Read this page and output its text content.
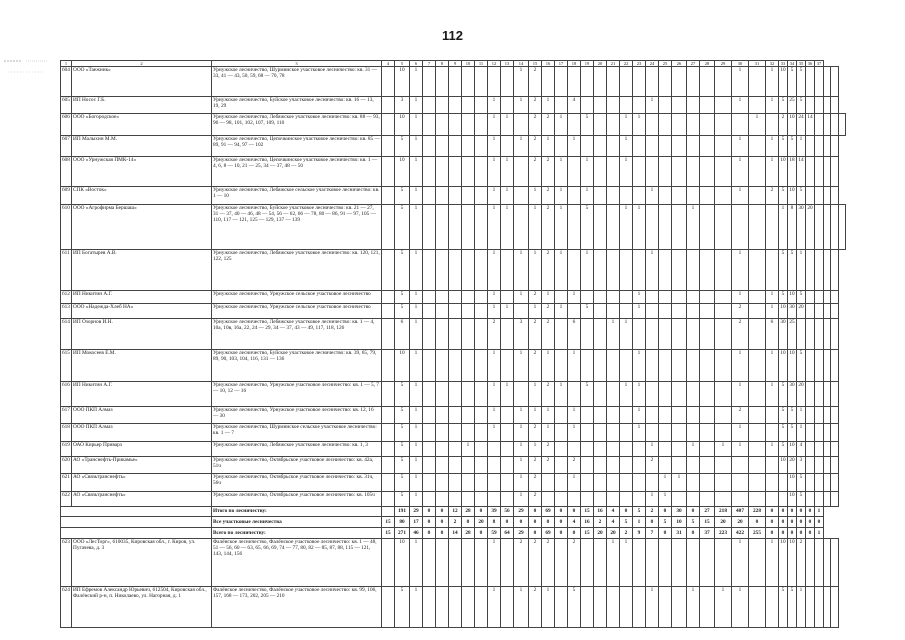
112
1	2	3	4	5	6	7	8	9	10	11	12	13	14	15	16	17	18	19	20	21	22	23	24	25	26	27	28	29	30	31	32	33	34	35	36	37			
604	ООО «Таежник»	Урнужское лесничество, Шурминское участковое лесничество: кв. 31 — 33, 41 — 43, 50, 59, 68 — 70, 78		10	1								1	2															1		1	10	5	5					
605	ИП Носос Г.Б.	Урнужское лесничество, Буйское участковое лесничество: кв. 16 — 13, 19, 29		3	1						1		1	2	1		4						1						1		1	5	25	5					
606	ООО «Богородское»	Урнужское лесничество, Лебяжское участковое лесничество: кв. 88 — 93, 96 — 98, 101, 102, 107, 109, 110		10	1						1	1		2	2	1		5			1	1								1		2	10	24	14				
607	ИП Малыхин М.М.	Урнужское лесничество, Цепочкинское участковое лесничество: кв. 85 — 89, 91 — 94, 97 — 102		5	1						1		1	2	1		1				1								1		1	5	5	1					
608	ООО «Урнужская ПМК-14»	Урнужское лесничество, Цепочкинское участковое лесничество: кв. 1 — 4, 6, 8 — 10, 21 — 25, 34 — 37, 48 — 50		10	1						1	1		2	2	1		1			1								1		1	10	18	14					
609	СПК «Восток»	Урнужское лесничество, Лебяжское сельское участковое лесничество: кв. 1 — 10		5	1						1	1		1	2	1		1					1						1		2	5	10	5					
610	ООО «Агрофирма Бершаш»	Урнужское лесничество, Буйское участковое лесничество: кв. 21 — 27, 31 — 37, 40 — 46, 48 — 54, 56 — 62, 66 — 78, 80 — 86, 91 — 97, 105 — 110, 117 — 121, 125 — 129, 137 — 139		5	1						1	1		1	2	1		5			1	1				1						1	8	30	20				
611	ИП Богатырев А.В.	Урнужское лесничество, Лебяжское участковое лесничество: кв. 120, 121, 122, 125		5	1						1		1	1	2	1		1					1						1			5	5	1					
612	ИП Никитин А.Г.	Урнужское лесничество, Урнужское сельское участковое лесничество		5	1						1		1	2	1		1					1							1		1	5	10	5					
613	ООО «Надежда-Хлеб НА»	Урнужское лесничество, Урнужское сельское участковое лесничество		5	1						1	1		1	2	1		5				1							2		1	10	30	20					
614	ИП Озорнов И.Н.	Урнужское лесничество, Лебяжское участковое лесничество: кв. 1 — 4, 10а, 10в, 16а, 22, 24 — 29, 34 — 37, 43 — 49, 117, 118, 126		6	1						2		3	2	2		6			1	1								2		6	30	25						
615	ИП Мокосеев Е.М.	Урнужское лесничество, Буйское участковое лесничество: кв. 39, 65, 79, 89, 90, 103, 104, 116, 131 — 136		10	1						1		1	2	1		1					1							1		1	10	10	5					
616	ИП Никитин А.Г.	Урнужское лесничество, Урнужское участковое лесничество: кв. 1 — 5, 7 — 10, 12 — 16		5	1						1	1		1	2	1		5			1	1							1		1	5	30	20					
617	ООО ПКП Алмаз	Урнужское лесничество, Урнужское участковое лесничество: кв. 12, 16 — 30		5	1						1		1	1	1		1					1							2			5	5	1					
618	ООО ПКП Алмаз	Урнужское лесничество, Шурминское сельское участковое лесничество: кв. 1 — 7		5	1						1		1	2	1		1					1							1			5	5	1					
619	ОАО Кирьер Приварз	Урнужское лесничество, Лебяжское участковое лесничество: кв. 1, 3		5	1				1				1	1	2								1			1		1	1		1	5	10	4					
620	АО «Транснефть-Прикамье»	Урнужское лесничество, Октябрьское участковое лесничество: кв. 42а, 51ч		5	1								1	2	2		2						2									10	20	3					
621	АО «Связьтранснефть»	Урнужское лесничество, Октябрьское участковое лесничество: кв. 31ч, 56ч		5	1								1	2			1							1	1								10	5					
622	АО «Связьтранснефть»	Урнужское лесничество, Октябрьское участковое лесничество: кв. 105ч		5	1								1	2									1	1									10	5					
		Итого по лесничеству:		191	29	0	0	12	28	0	39	56	29	0	69	0	0	15	16	4	0	5	2	0	30	0	27	218	407	228	0	0	0	0	0	1			
		Все участковые лесничества	15	80	17	0	0	2	0	20	8	0	0	0	0	0	4	16	2	4	5	1	0	5	10	5	15	20	20	0	0	0	0	0	0	0			
		Всего по лесничеству:	15	271	46	0	0	14	28	0	59	64	29	0	69	0	0	15	20	20	2	9	7	0	31	0	37	223	422	255	0	0	0	0	0	1			
623	ООО «ЛесТорг», 610035, Кировская обл., г. Киров, ул. Пугачева, д. 3	Фалёнское лесничество, Фалёнское участковое лесничество: кв. 1 — 48, 51 — 56, 60 — 63, 65, 66, 69, 74 — 77, 80, 82 — 85, 87, 88, 115 — 121, 143, 144, 156		10	1						1		2	2	2		2			1	1								1		1	10	10	2					
624	ИП Ефремов Александр Юрьевич, 612504, Кировская обл., Фалёнский р-н, п. Николаево, ул. Нагорная, д. 1	Фалёнское лесничество, Фалёнское участковое лесничество: кв. 99, 106, 157, 168 — 173, 202, 205 — 210		5	1						1		1	2	1		5						1			1		1	1			5	5	1					
